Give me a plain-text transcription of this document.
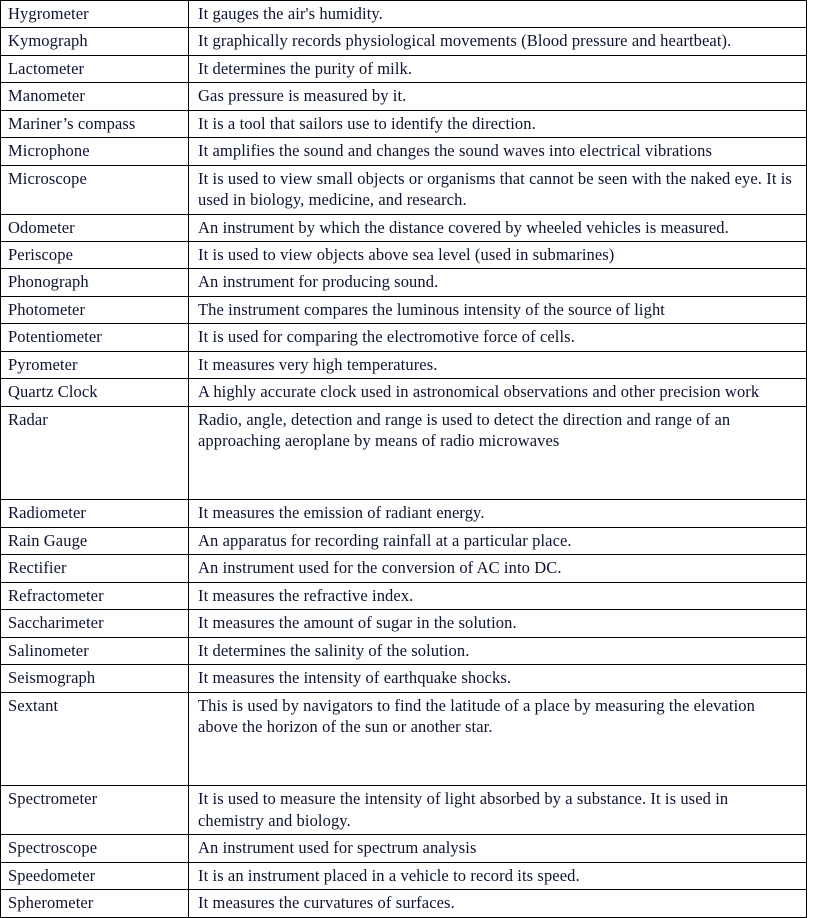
Hygrometer	It gauges the air's humidity.
Kymograph	It graphically records physiological movements (Blood pressure and heartbeat).
Lactometer	It determines the purity of milk.
Manometer	Gas pressure is measured by it.
Mariner’s compass	It is a tool that sailors use to identify the direction.
Microphone	It amplifies the sound and changes the sound waves into electrical vibrations
Microscope	It is used to view small objects or organisms that cannot be seen with the naked eye. It is used in biology, medicine, and research.
Odometer	An instrument by which the distance covered by wheeled vehicles is measured.
Periscope	It is used to view objects above sea level (used in submarines)
Phonograph	An instrument for producing sound.
Photometer	The instrument compares the luminous intensity of the source of light
Potentiometer	It is used for comparing the electromotive force of cells.
Pyrometer	It measures very high temperatures.
Quartz Clock	A highly accurate clock used in astronomical observations and other precision work
Radar	Radio, angle, detection and range is used to detect the direction and range of an approaching aeroplane by means of radio microwaves
Radiometer	It measures the emission of radiant energy.
Rain Gauge	An apparatus for recording rainfall at a particular place.
Rectifier	An instrument used for the conversion of AC into DC.
Refractometer	It measures the refractive index.
Saccharimeter	It measures the amount of sugar in the solution.
Salinometer	It determines the salinity of the solution.
Seismograph	It measures the intensity of earthquake shocks.
Sextant	This is used by navigators to find the latitude of a place by measuring the elevation above the horizon of the sun or another star.
Spectrometer	It is used to measure the intensity of light absorbed by a substance. It is used in chemistry and biology.
Spectroscope	An instrument used for spectrum analysis
Speedometer	It is an instrument placed in a vehicle to record its speed.
Spherometer	It measures the curvatures of surfaces.
